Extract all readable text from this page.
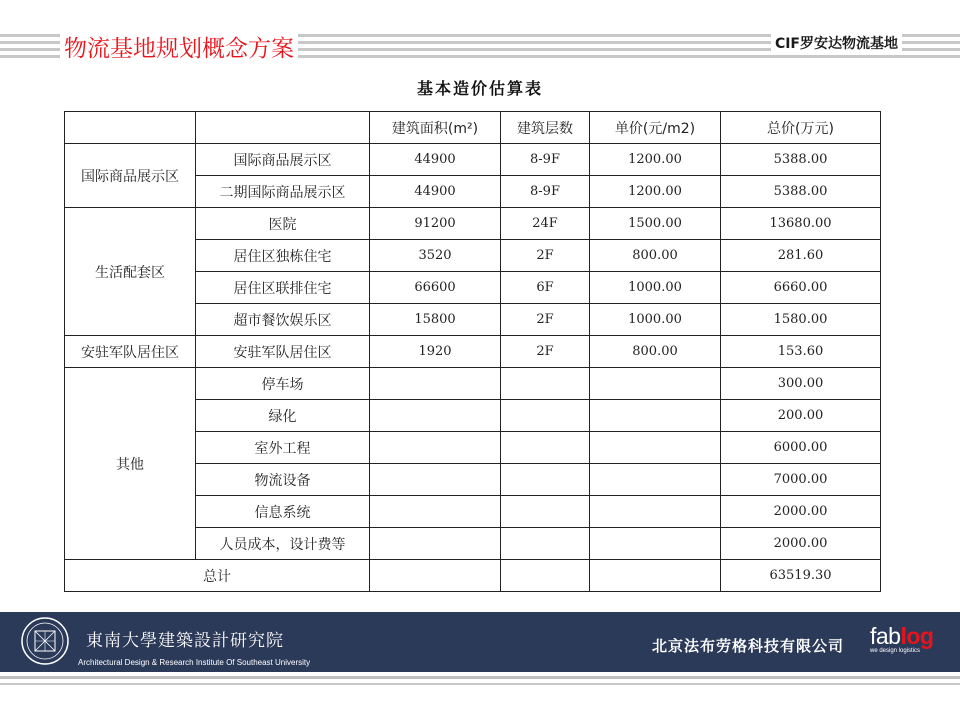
物流基地规划概念方案	CIF罗安达物流基地
基本造价估算表
		建筑面积(m²)	建筑层数	单价(元/m2)	总价(万元)
国际商品展示区	国际商品展示区	44900	8-9F	1200.00	5388.00
	二期国际商品展示区	44900	8-9F	1200.00	5388.00
生活配套区	医院	91200	24F	1500.00	13680.00
	居住区独栋住宅	3520	2F	800.00	281.60
	居住区联排住宅	66600	6F	1000.00	6660.00
	超市餐饮娱乐区	15800	2F	1000.00	1580.00
安驻军队居住区	安驻军队居住区	1920	2F	800.00	153.60
其他	停车场				300.00
	绿化				200.00
	室外工程				6000.00
	物流设备				7000.00
	信息系统				2000.00
	人员成本，设计费等				2000.00
总计					63519.30
東南大學建築設計研究院
Architectural Design & Research Institute Of Southeast University
北京法布劳格科技有限公司 fablog
we design logistics
